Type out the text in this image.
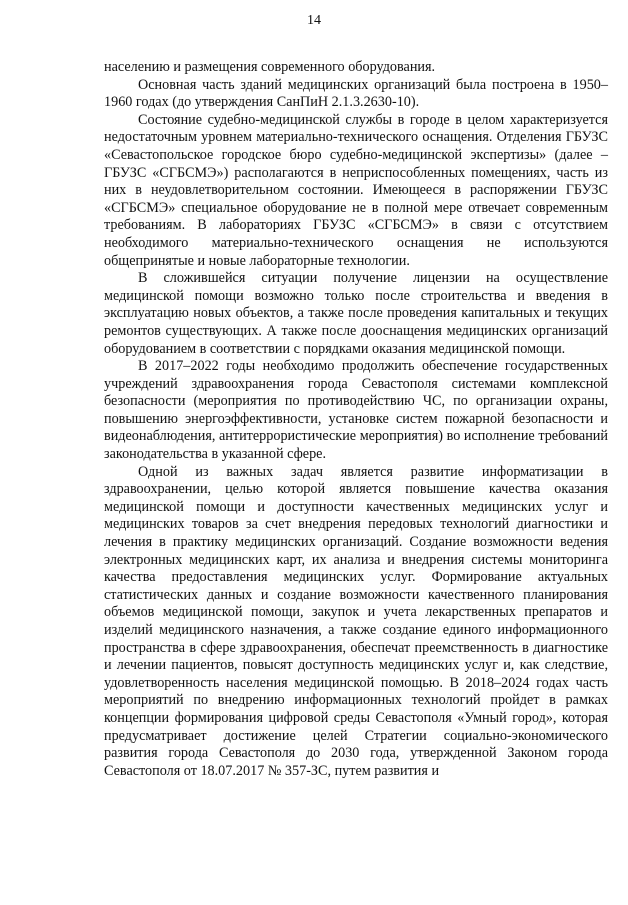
14

населению и размещения современного оборудования.

Основная часть зданий медицинских организаций была построена в 1950–1960 годах (до утверждения СанПиН 2.1.3.2630-10).

Состояние судебно-медицинской службы в городе в целом характеризуется недостаточным уровнем материально-технического оснащения. Отделения ГБУЗС «Севастопольское городское бюро судебно-медицинской экспертизы» (далее – ГБУЗС «СГБСМЭ») располагаются в неприспособленных помещениях, часть из них в неудовлетворительном состоянии. Имеющееся в распоряжении ГБУЗС «СГБСМЭ» специальное оборудование не в полной мере отвечает современным требованиям. В лабораториях ГБУЗС «СГБСМЭ» в связи с отсутствием необходимого материально-технического оснащения не используются общепринятые и новые лабораторные технологии.

В сложившейся ситуации получение лицензии на осуществление медицинской помощи возможно только после строительства и введения в эксплуатацию новых объектов, а также после проведения капитальных и текущих ремонтов существующих. А также после дооснащения медицинских организаций оборудованием в соответствии с порядками оказания медицинской помощи.

В 2017–2022 годы необходимо продолжить обеспечение государственных учреждений здравоохранения города Севастополя системами комплексной безопасности (мероприятия по противодействию ЧС, по организации охраны, повышению энергоэффективности, установке систем пожарной безопасности и видеонаблюдения, антитеррористические мероприятия) во исполнение требований законодательства в указанной сфере.

Одной из важных задач является развитие информатизации в здравоохранении, целью которой является повышение качества оказания медицинской помощи и доступности качественных медицинских услуг и медицинских товаров за счет внедрения передовых технологий диагностики и лечения в практику медицинских организаций. Создание возможности ведения электронных медицинских карт, их анализа и внедрения системы мониторинга качества предоставления медицинских услуг. Формирование актуальных статистических данных и создание возможности качественного планирования объемов медицинской помощи, закупок и учета лекарственных препаратов и изделий медицинского назначения, а также создание единого информационного пространства в сфере здравоохранения, обеспечат преемственность в диагностике и лечении пациентов, повысят доступность медицинских услуг и, как следствие, удовлетворенность населения медицинской помощью. В 2018–2024 годах часть мероприятий по внедрению информационных технологий пройдет в рамках концепции формирования цифровой среды Севастополя «Умный город», которая предусматривает достижение целей Стратегии социально-экономического развития города Севастополя до 2030 года, утвержденной Законом города Севастополя от 18.07.2017 № 357-ЗС, путем развития и
